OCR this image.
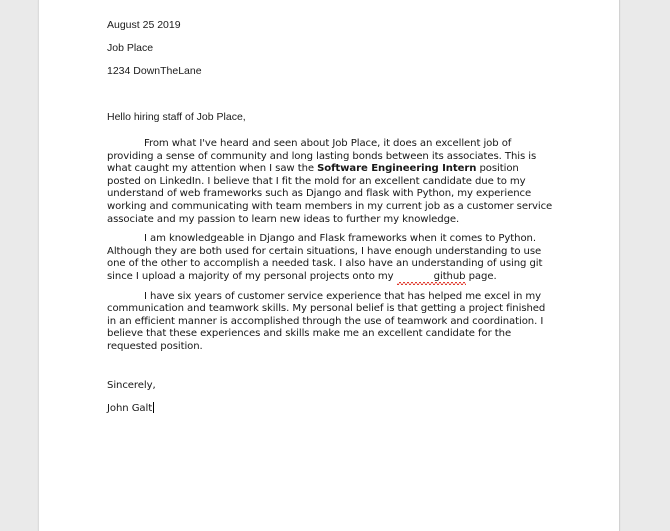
August 25 2019
Job Place
1234 DownTheLane
Hello hiring staff of Job Place,

From what I've heard and seen about Job Place, it does an excellent job of providing a sense of community and long lasting bonds between its associates. This is what caught my attention when I saw the Software Engineering Intern position posted on LinkedIn. I believe that I fit the mold for an excellent candidate due to my understand of web frameworks such as Django and flask with Python, my experience working and communicating with team members in my current job as a customer service associate and my passion to learn new ideas to further my knowledge.

I am knowledgeable in Django and Flask frameworks when it comes to Python. Although they are both used for certain situations, I have enough understanding to use one of the other to accomplish a needed task. I also have an understanding of using git since I upload a majority of my personal projects onto my	github page.

I have six years of customer service experience that has helped me excel in my communication and teamwork skills. My personal belief is that getting a project finished in an efficient manner is accomplished through the use of teamwork and coordination. I believe that these experiences and skills make me an excellent candidate for the requested position.

Sincerely,
John Galt
